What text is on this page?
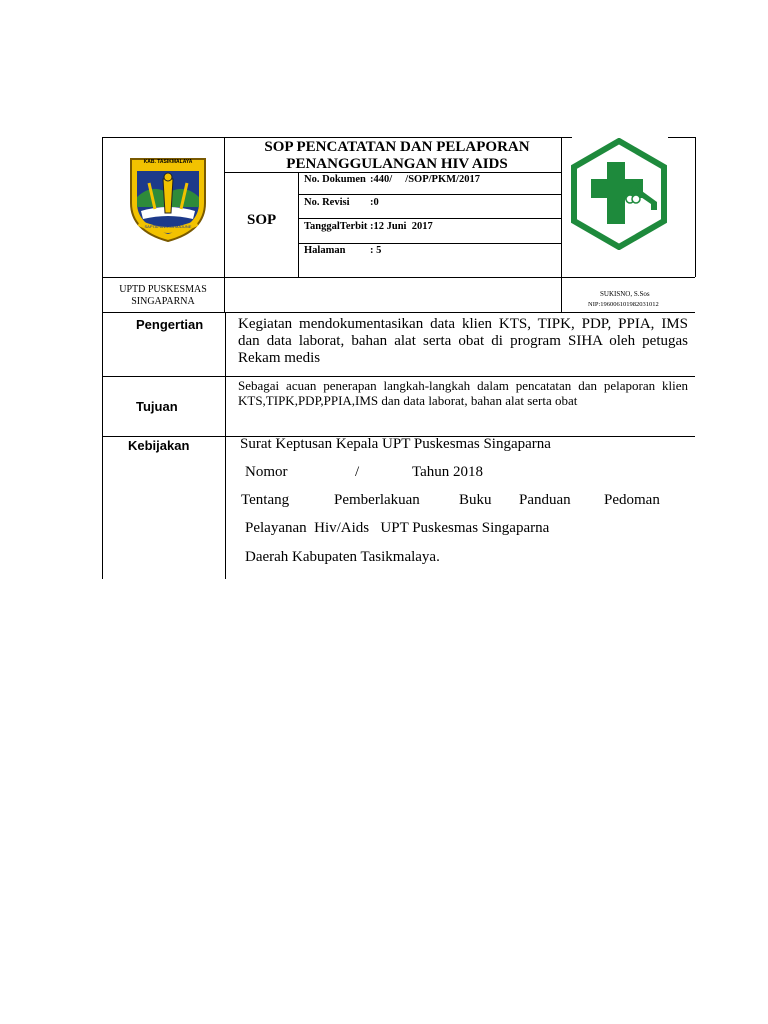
KAB. TASIKMALAYA
SAPTAPANGGA MAJUNE
SOP PENCATATAN DAN PELAPORAN
PENANGGULANGAN HIV AIDS
SOP
No. Dokumen :440/     /SOP/PKM/2017
No. Revisi :0
TanggalTerbit :12 Juni  2017
Halaman : 5
UPTD PUSKESMAS
SINGAPARNA
SUKISNO, S.Sos
NIP:196006101982031012
Pengertian Kegiatan mendokumentasikan data klien KTS, TIPK, PDP, PPIA, IMS dan data laborat, bahan alat serta obat di program SIHA oleh petugas Rekam medis
Tujuan
Sebagai acuan penerapan langkah-langkah dalam pencatatan dan pelaporan klien KTS,TIPK,PDP,PPIA,IMS dan data laborat, bahan alat serta obat
Kebijakan	Surat Keptusan Kepala UPT Puskesmas Singaparna
Nomor	/	Tahun 2018
Tentang	Pemberlakuan	Buku Panduan Pedoman
Pelayanan  Hiv/Aids   UPT Puskesmas Singaparna
Daerah Kabupaten Tasikmalaya.
